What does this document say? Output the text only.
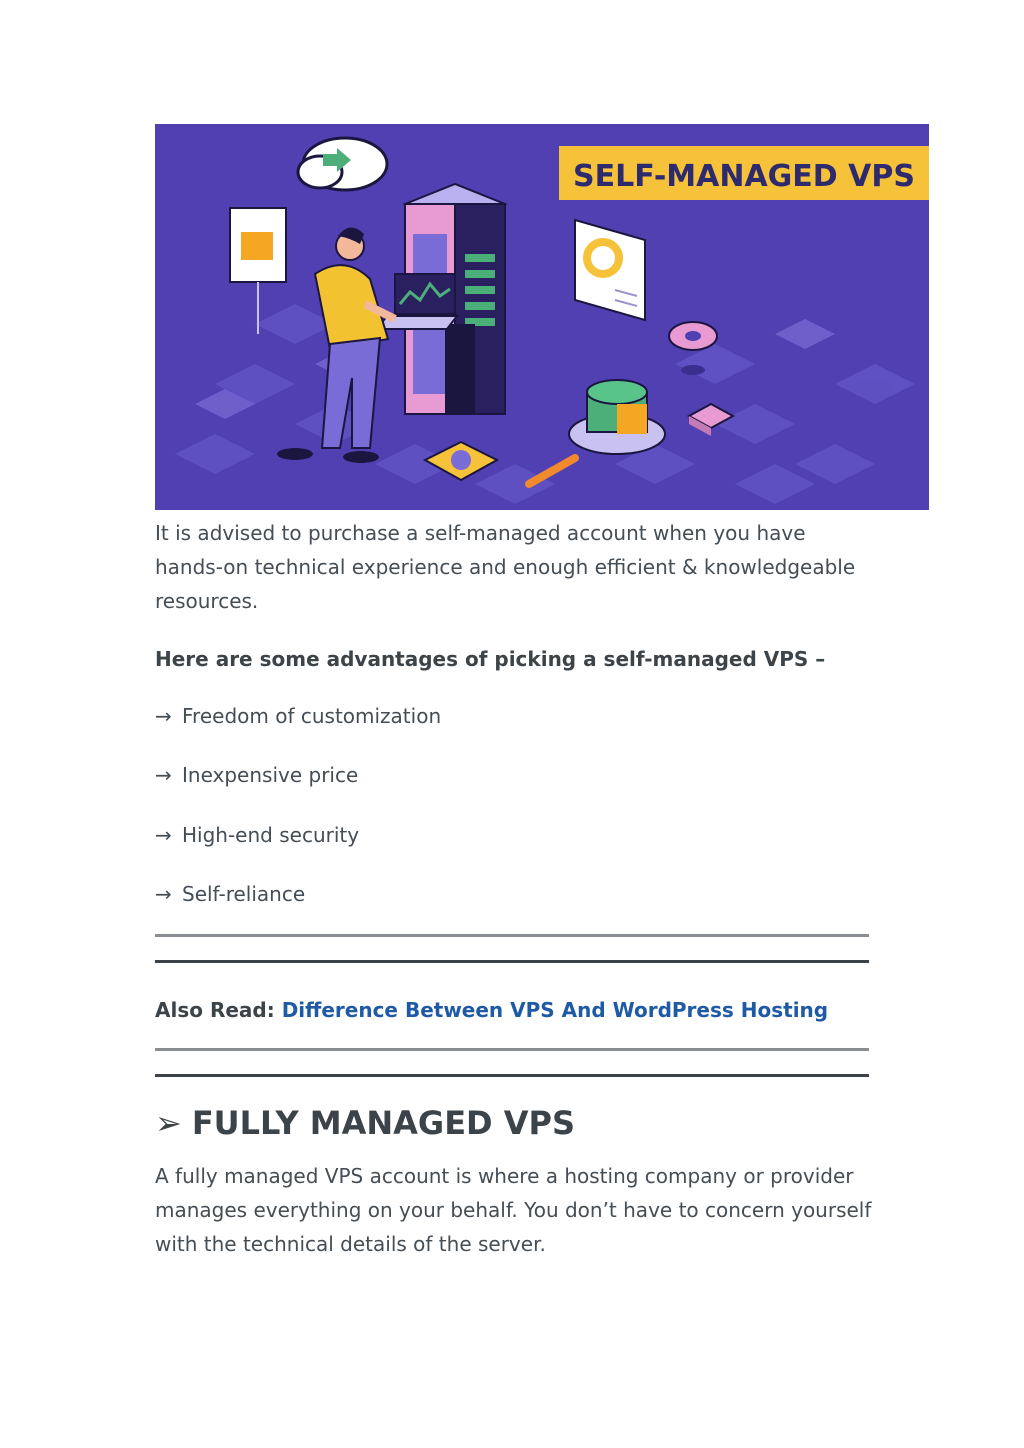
SELF-MANAGED VPS

It is advised to purchase a self-managed account when you have hands-on technical experience and enough efficient & knowledgeable resources.

Here are some advantages of picking a self-managed VPS –

→ Freedom of customization
→ Inexpensive price
→ High-end security
→ Self-reliance
Also Read: Difference Between VPS And WordPress Hosting
➢ FULLY MANAGED VPS

A fully managed VPS account is where a hosting company or provider manages everything on your behalf. You don’t have to concern yourself with the technical details of the server.
